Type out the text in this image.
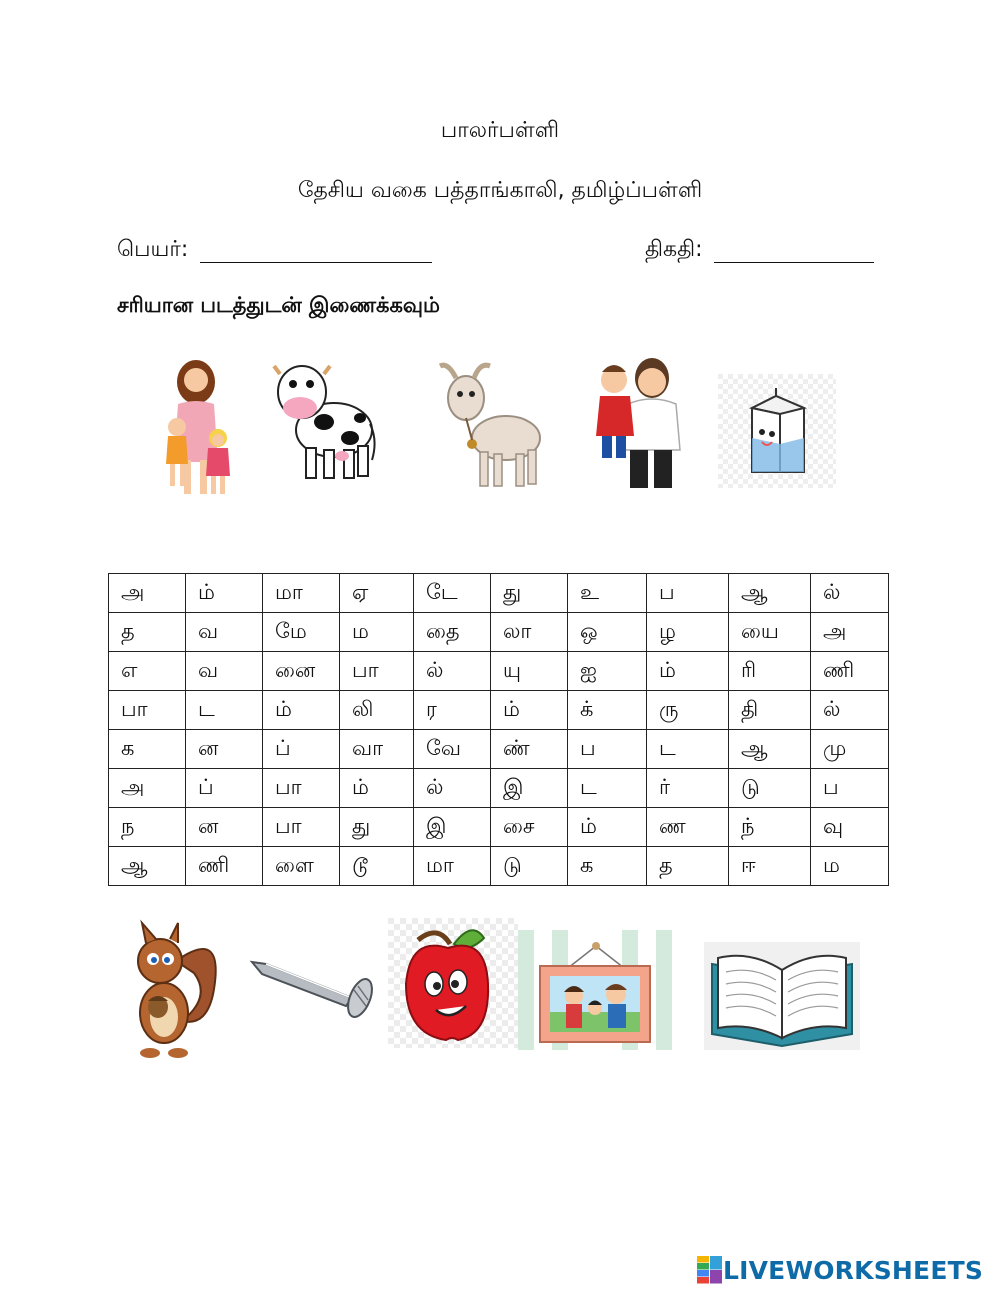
பாலர்பள்ளி
தேசிய வகை பத்தாங்காலி, தமிழ்ப்பள்ளி
பெயர்:	திகதி:
சரியான படத்துடன் இணைக்கவும்
அ	ம்	மா	ஏ	டே	து	உ	ப	ஆ	ல்
த	வ	மே	ம	தை	லா	ஒ	ழ	யை	அ
எ	வ	னை	பா	ல்	யு	ஐ	ம்	ரி	ணி
பா	ட	ம்	லி	ர	ம்	க்	ரு	தி	ல்
க	ன	ப்	வா	வே	ண்	ப	ட	ஆ	மு
அ	ப்	பா	ம்	ல்	இ	ட	ர்	டு	ப
ந	ன	பா	து	இ	சை	ம்	ண	ந்	வு
ஆ	ணி	ளை	டூ	மா	டு	க	த	ஈ	ம
LIVEWORKSHEETS
